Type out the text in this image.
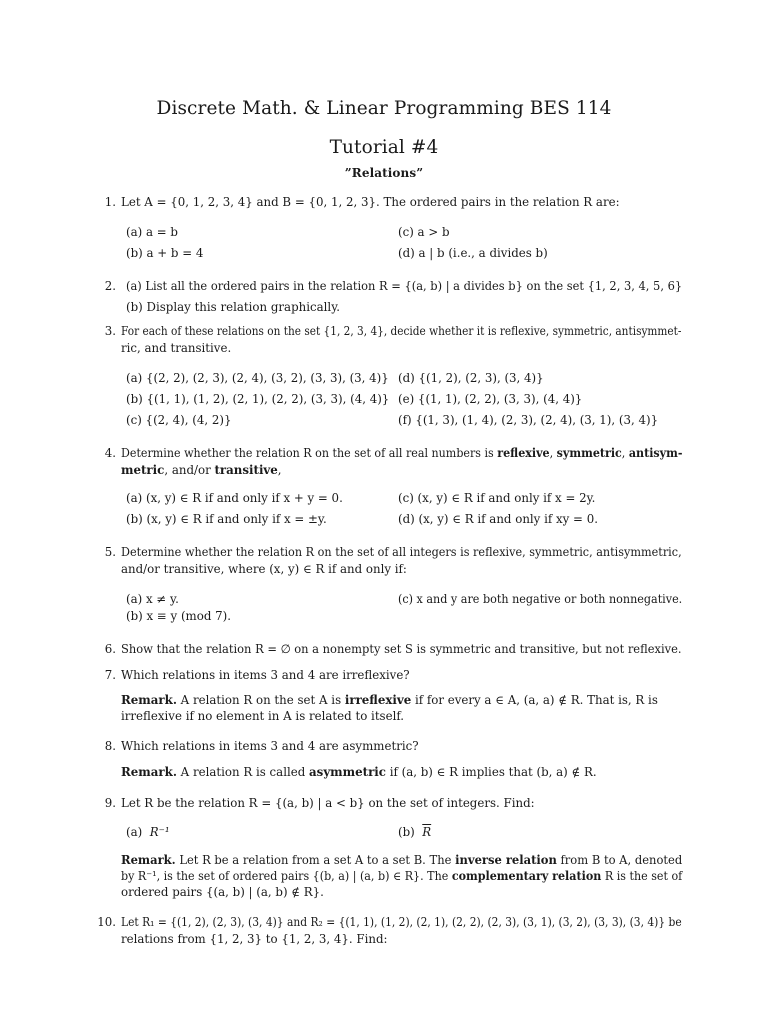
Discrete Math. & Linear Programming BES 114
Tutorial #4
”Relations”
1. Let A = {0, 1, 2, 3, 4} and B = {0, 1, 2, 3}. The ordered pairs in the relation R are:
(a) a = b
(b) a + b = 4
(c) a > b
(d) a | b (i.e., a divides b)
2. (a) List all the ordered pairs in the relation R = {(a, b) | a divides b} on the set {1, 2, 3, 4, 5, 6}
(b) Display this relation graphically.
3. For each of these relations on the set {1, 2, 3, 4}, decide whether it is reflexive, symmetric, antisymmet-
ric, and transitive.
(a) {(2, 2), (2, 3), (2, 4), (3, 2), (3, 3), (3, 4)}
(b) {(1, 1), (1, 2), (2, 1), (2, 2), (3, 3), (4, 4)}
(c) {(2, 4), (4, 2)}
(d) {(1, 2), (2, 3), (3, 4)}
(e) {(1, 1), (2, 2), (3, 3), (4, 4)}
(f) {(1, 3), (1, 4), (2, 3), (2, 4), (3, 1), (3, 4)}
4. Determine whether the relation R on the set of all real numbers is reflexive, symmetric, antisym-
metric, and/or transitive,
(a) (x, y) ∈ R if and only if x + y = 0.
(b) (x, y) ∈ R if and only if x = ±y.
(c) (x, y) ∈ R if and only if x = 2y.
(d) (x, y) ∈ R if and only if xy = 0.
5. Determine whether the relation R on the set of all integers is reflexive, symmetric, antisymmetric,
and/or transitive, where (x, y) ∈ R if and only if:
(a) x ≠ y.
(b) x ≡ y (mod 7).
(c) x and y are both negative or both nonnegative.
6. Show that the relation R = ∅ on a nonempty set S is symmetric and transitive, but not reflexive.
7. Which relations in items 3 and 4 are irreflexive?
Remark. A relation R on the set A is irreflexive if for every a ∈ A, (a, a) ∉ R. That is, R is
irreflexive if no element in A is related to itself.
8. Which relations in items 3 and 4 are asymmetric?
Remark. A relation R is called asymmetric if (a, b) ∈ R implies that (b, a) ∉ R.
9. Let R be the relation R = {(a, b) | a < b} on the set of integers. Find:
(a) R⁻¹	(b) $\overline{R}$
Remark. Let R be a relation from a set A to a set B. The inverse relation from B to A, denoted
by R⁻¹, is the set of ordered pairs {(b, a) | (a, b) ∈ R}. The complementary relation R is the set of
ordered pairs {(a, b) | (a, b) ∉ R}.
10. Let R₁ = {(1, 2), (2, 3), (3, 4)} and R₂ = {(1, 1), (1, 2), (2, 1), (2, 2), (2, 3), (3, 1), (3, 2), (3, 3), (3, 4)} be
relations from {1, 2, 3} to {1, 2, 3, 4}. Find:
